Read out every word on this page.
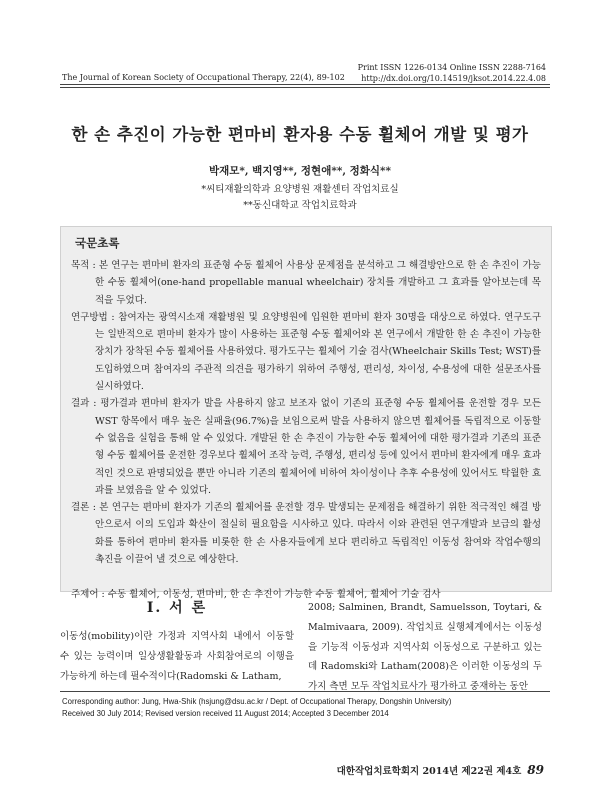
The Journal of Korean Society of Occupational Therapy, 22(4), 89-102
Print ISSN 1226-0134 Online ISSN 2288-7164
http://dx.doi.org/10.14519/jksot.2014.22.4.08
한 손 추진이 가능한 편마비 환자용 수동 휠체어 개발 및 평가
박재모*, 백지영**, 정현애**, 정화식**
*씨티재활의학과 요양병원 재활센터 작업치료실
**동신대학교 작업치료학과
국문초록

목적 : 본 연구는 편마비 환자의 표준형 수동 휠체어 사용상 문제점을 분석하고 그 해결방안으로 한 손 추진이 가능한 수동 휠체어(one-hand propellable manual wheelchair) 장치를 개발하고 그 효과를 알아보는데 목적을 두었다.

연구방법 : 참여자는 광역시소재 재활병원 및 요양병원에 입원한 편마비 환자 30명을 대상으로 하였다. 연구도구는 일반적으로 편마비 환자가 많이 사용하는 표준형 수동 휠체어와 본 연구에서 개발한 한 손 추진이 가능한 장치가 장착된 수동 휠체어를 사용하였다. 평가도구는 휠체어 기술 검사(Wheelchair Skills Test; WST)를 도입하였으며 참여자의 주관적 의견을 평가하기 위하여 주행성, 편리성, 차이성, 수용성에 대한 설문조사를 실시하였다.

결과 : 평가결과 편마비 환자가 발을 사용하지 않고 보조자 없이 기존의 표준형 수동 휠체어를 운전할 경우 모든 WST 항목에서 매우 높은 실패율(96.7%)을 보임으로써 발을 사용하지 않으면 휠체어를 독립적으로 이동할 수 없음을 실험을 통해 알 수 있었다. 개발된 한 손 추진이 가능한 수동 휠체어에 대한 평가결과 기존의 표준형 수동 휠체어를 운전한 경우보다 휠체어 조작 능력, 주행성, 편리성 등에 있어서 편마비 환자에게 매우 효과적인 것으로 판명되었을 뿐만 아니라 기존의 휠체어에 비하여 차이성이나 추후 수용성에 있어서도 탁월한 효과를 보였음을 알 수 있었다.

결론 : 본 연구는 편마비 환자가 기존의 휠체어를 운전할 경우 발생되는 문제점을 해결하기 위한 적극적인 해결 방안으로서 이의 도입과 확산이 절실히 필요함을 시사하고 있다. 따라서 이와 관련된 연구개발과 보급의 활성화를 통하여 편마비 환자를 비롯한 한 손 사용자들에게 보다 편리하고 독립적인 이동성 참여와 작업수행의 촉진을 이끌어 낼 것으로 예상한다.

주제어 : 수동 휠체어, 이동성, 편마비, 한 손 추진이 가능한 수동 휠체어, 휠체어 기술 검사
Ⅰ. 서 론
이동성(mobility)이란 가정과 지역사회 내에서 이동할 수 있는 능력이며 일상생활활동과 사회참여로의 이행을 가능하게 하는데 필수적이다(Radomski & Latham,
2008; Salminen, Brandt, Samuelsson, Toytari, & Malmivaara, 2009). 작업치료 실행체계에서는 이동성을 기능적 이동성과 지역사회 이동성으로 구분하고 있는데 Radomski와 Latham(2008)은 이러한 이동성의 두 가지 측면 모두 작업치료사가 평가하고 중재하는 동안
Corresponding author: Jung, Hwa-Shik (hsjung@dsu.ac.kr / Dept. of Occupational Therapy, Dongshin University)
Received 30 July 2014; Revised version received 11 August 2014; Accepted 3 December 2014
대한작업치료학회지 2014년 제22권 제4호 89
